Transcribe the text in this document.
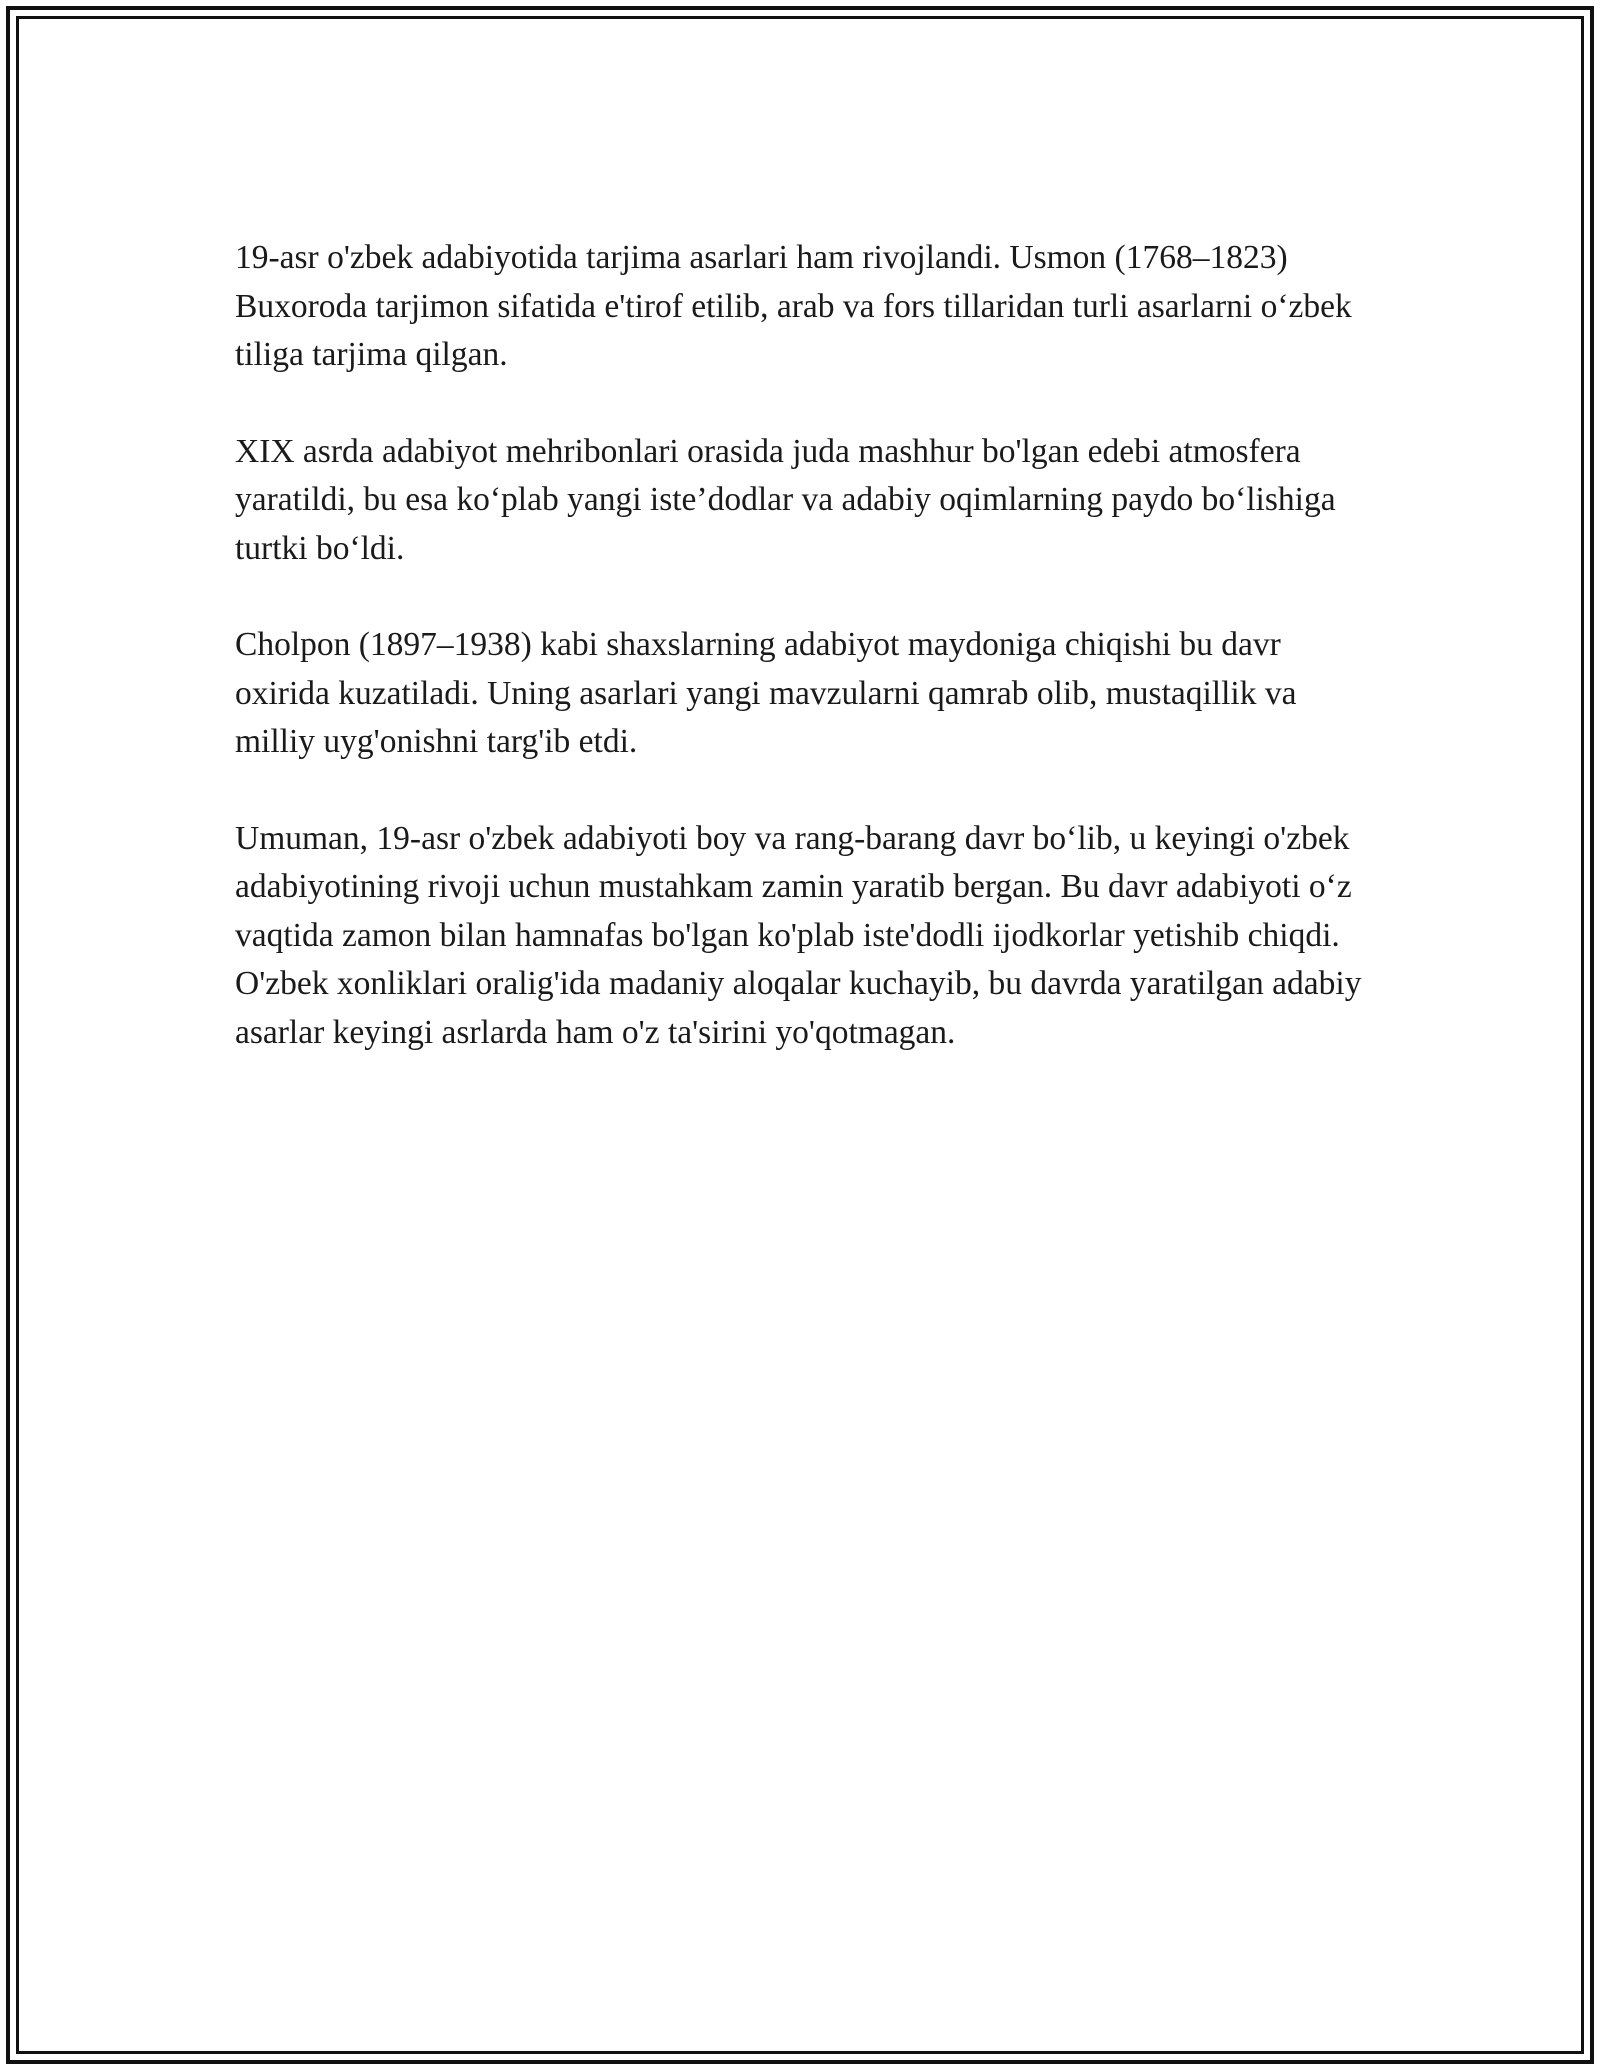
19-asr o'zbek adabiyotida tarjima asarlari ham rivojlandi. Usmon (1768–1823) Buxoroda tarjimon sifatida e'tirof etilib, arab va fors tillaridan turli asarlarni o‘zbek tiliga tarjima qilgan.

XIX asrda adabiyot mehribonlari orasida juda mashhur bo'lgan edebi atmosfera yaratildi, bu esa ko‘plab yangi iste’dodlar va adabiy oqimlarning paydo bo‘lishiga turtki bo‘ldi.

Cholpon (1897–1938) kabi shaxslarning adabiyot maydoniga chiqishi bu davr oxirida kuzatiladi. Uning asarlari yangi mavzularni qamrab olib, mustaqillik va milliy uyg'onishni targ'ib etdi.

Umuman, 19-asr o'zbek adabiyoti boy va rang-barang davr bo‘lib, u keyingi o'zbek adabiyotining rivoji uchun mustahkam zamin yaratib bergan. Bu davr adabiyoti o‘z vaqtida zamon bilan hamnafas bo'lgan ko'plab iste'dodli ijodkorlar yetishib chiqdi. O'zbek xonliklari oralig'ida madaniy aloqalar kuchayib, bu davrda yaratilgan adabiy asarlar keyingi asrlarda ham o'z ta'sirini yo'qotmagan.
